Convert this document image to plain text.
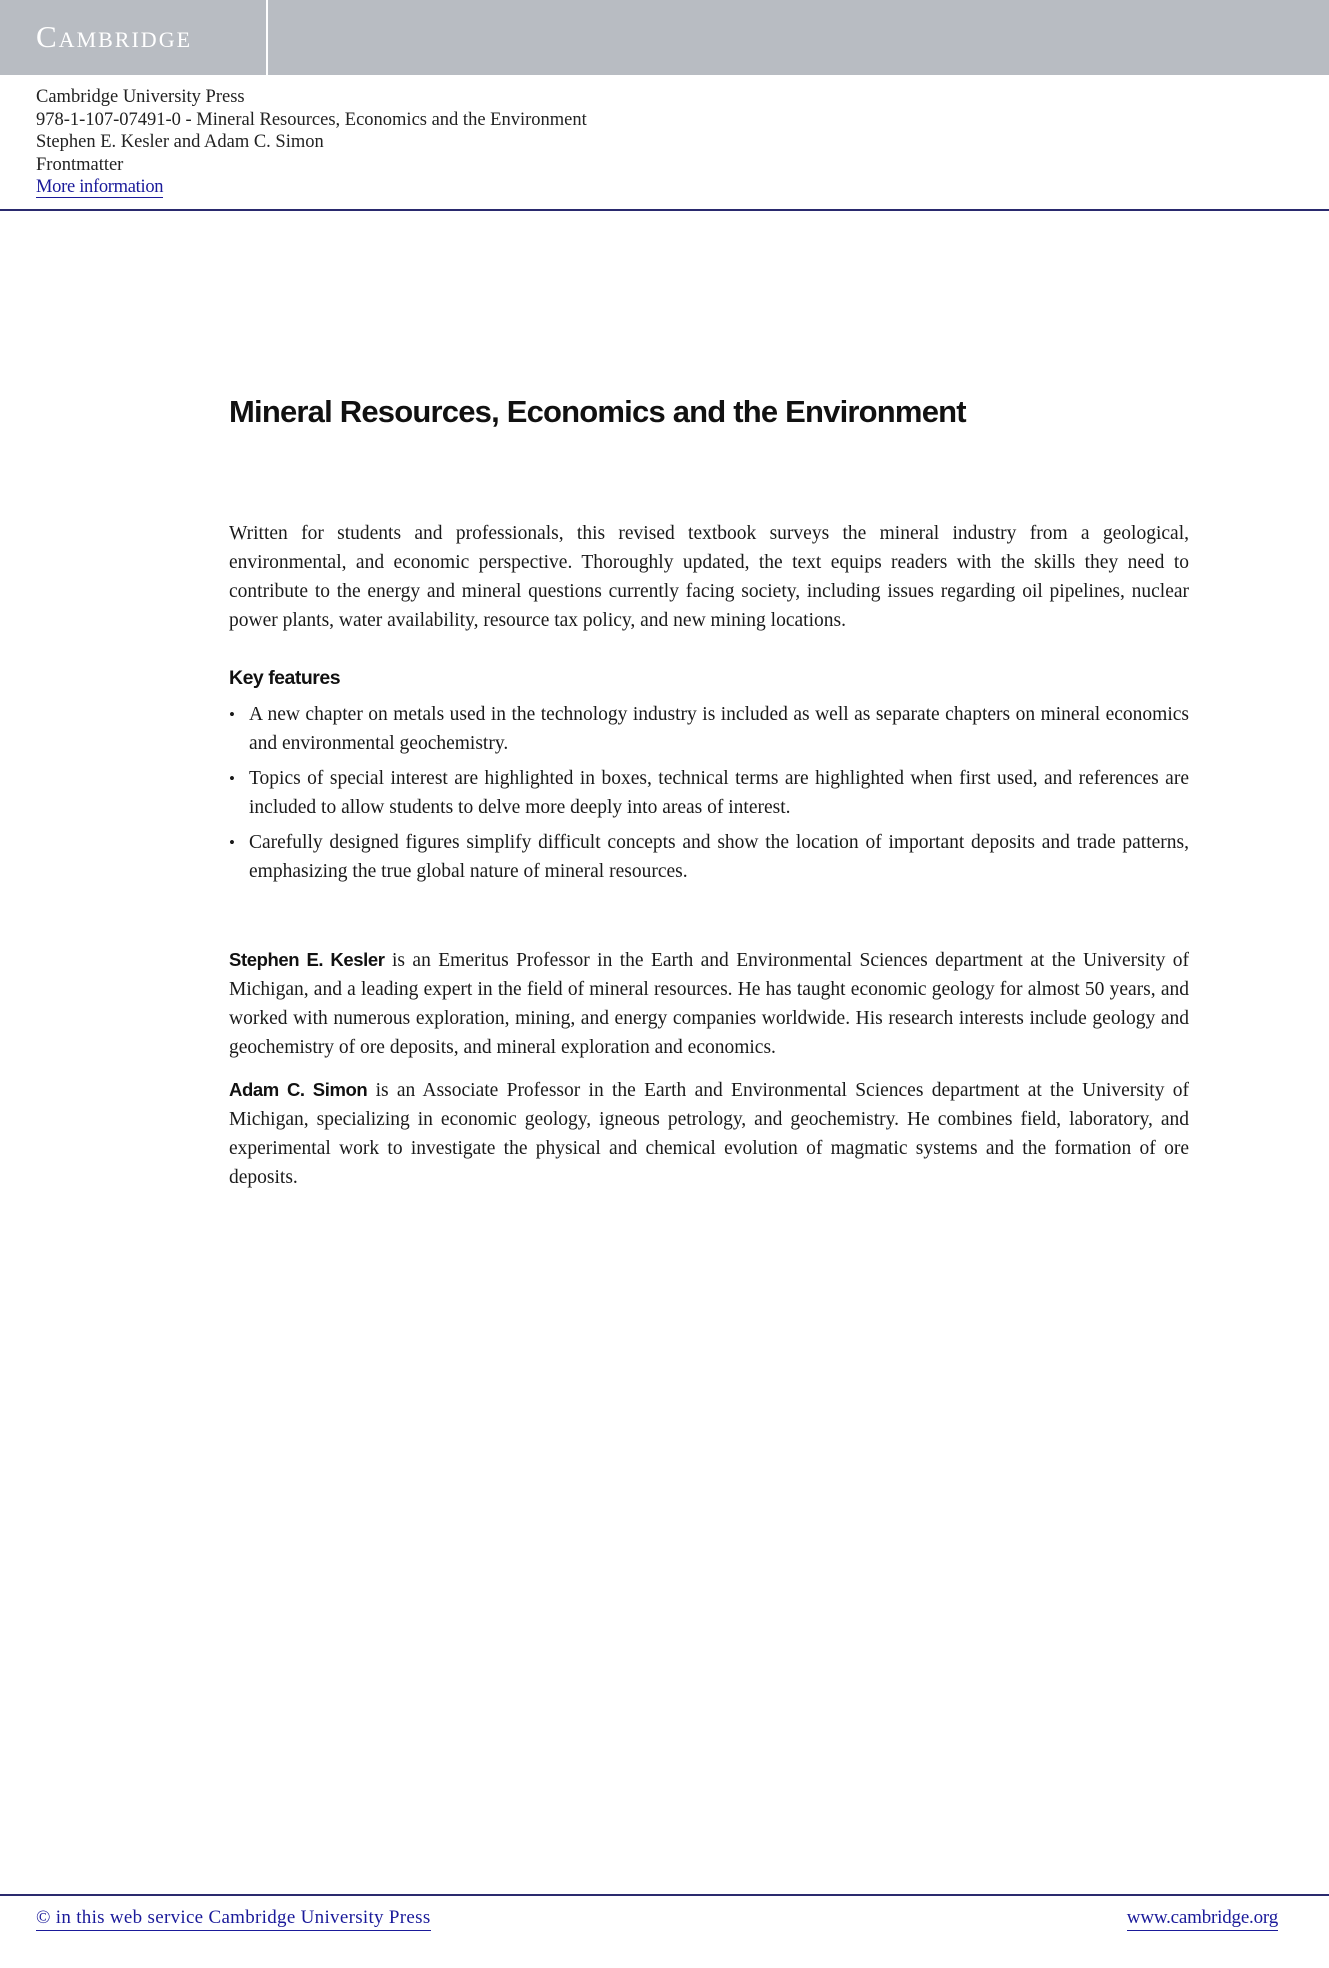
Cambridge
Cambridge University Press
978-1-107-07491-0 - Mineral Resources, Economics and the Environment
Stephen E. Kesler and Adam C. Simon
Frontmatter
More information
Mineral Resources, Economics and the Environment

Written for students and professionals, this revised textbook surveys the mineral industry from a geological, environmental, and economic perspective. Thoroughly updated, the text equips readers with the skills they need to contribute to the energy and mineral questions currently facing society, including issues regarding oil pipelines, nuclear power plants, water availability, resource tax policy, and new mining locations.

Key features
• A new chapter on metals used in the technology industry is included as well as separate chapters on mineral economics and environmental geochemistry.
• Topics of special interest are highlighted in boxes, technical terms are highlighted when first used, and references are included to allow students to delve more deeply into areas of interest.
• Carefully designed figures simplify difficult concepts and show the location of important deposits and trade patterns, emphasizing the true global nature of mineral resources.

Stephen E. Kesler is an Emeritus Professor in the Earth and Environmental Sciences department at the University of Michigan, and a leading expert in the field of mineral resources. He has taught economic geology for almost 50 years, and worked with numerous exploration, mining, and energy companies worldwide. His research interests include geology and geochemistry of ore deposits, and mineral exploration and economics.

Adam C. Simon is an Associate Professor in the Earth and Environmental Sciences department at the University of Michigan, specializing in economic geology, igneous petrology, and geochemistry. He combines field, laboratory, and experimental work to investigate the physical and chemical evolution of magmatic systems and the formation of ore deposits.

© in this web service Cambridge University Press	www.cambridge.org
